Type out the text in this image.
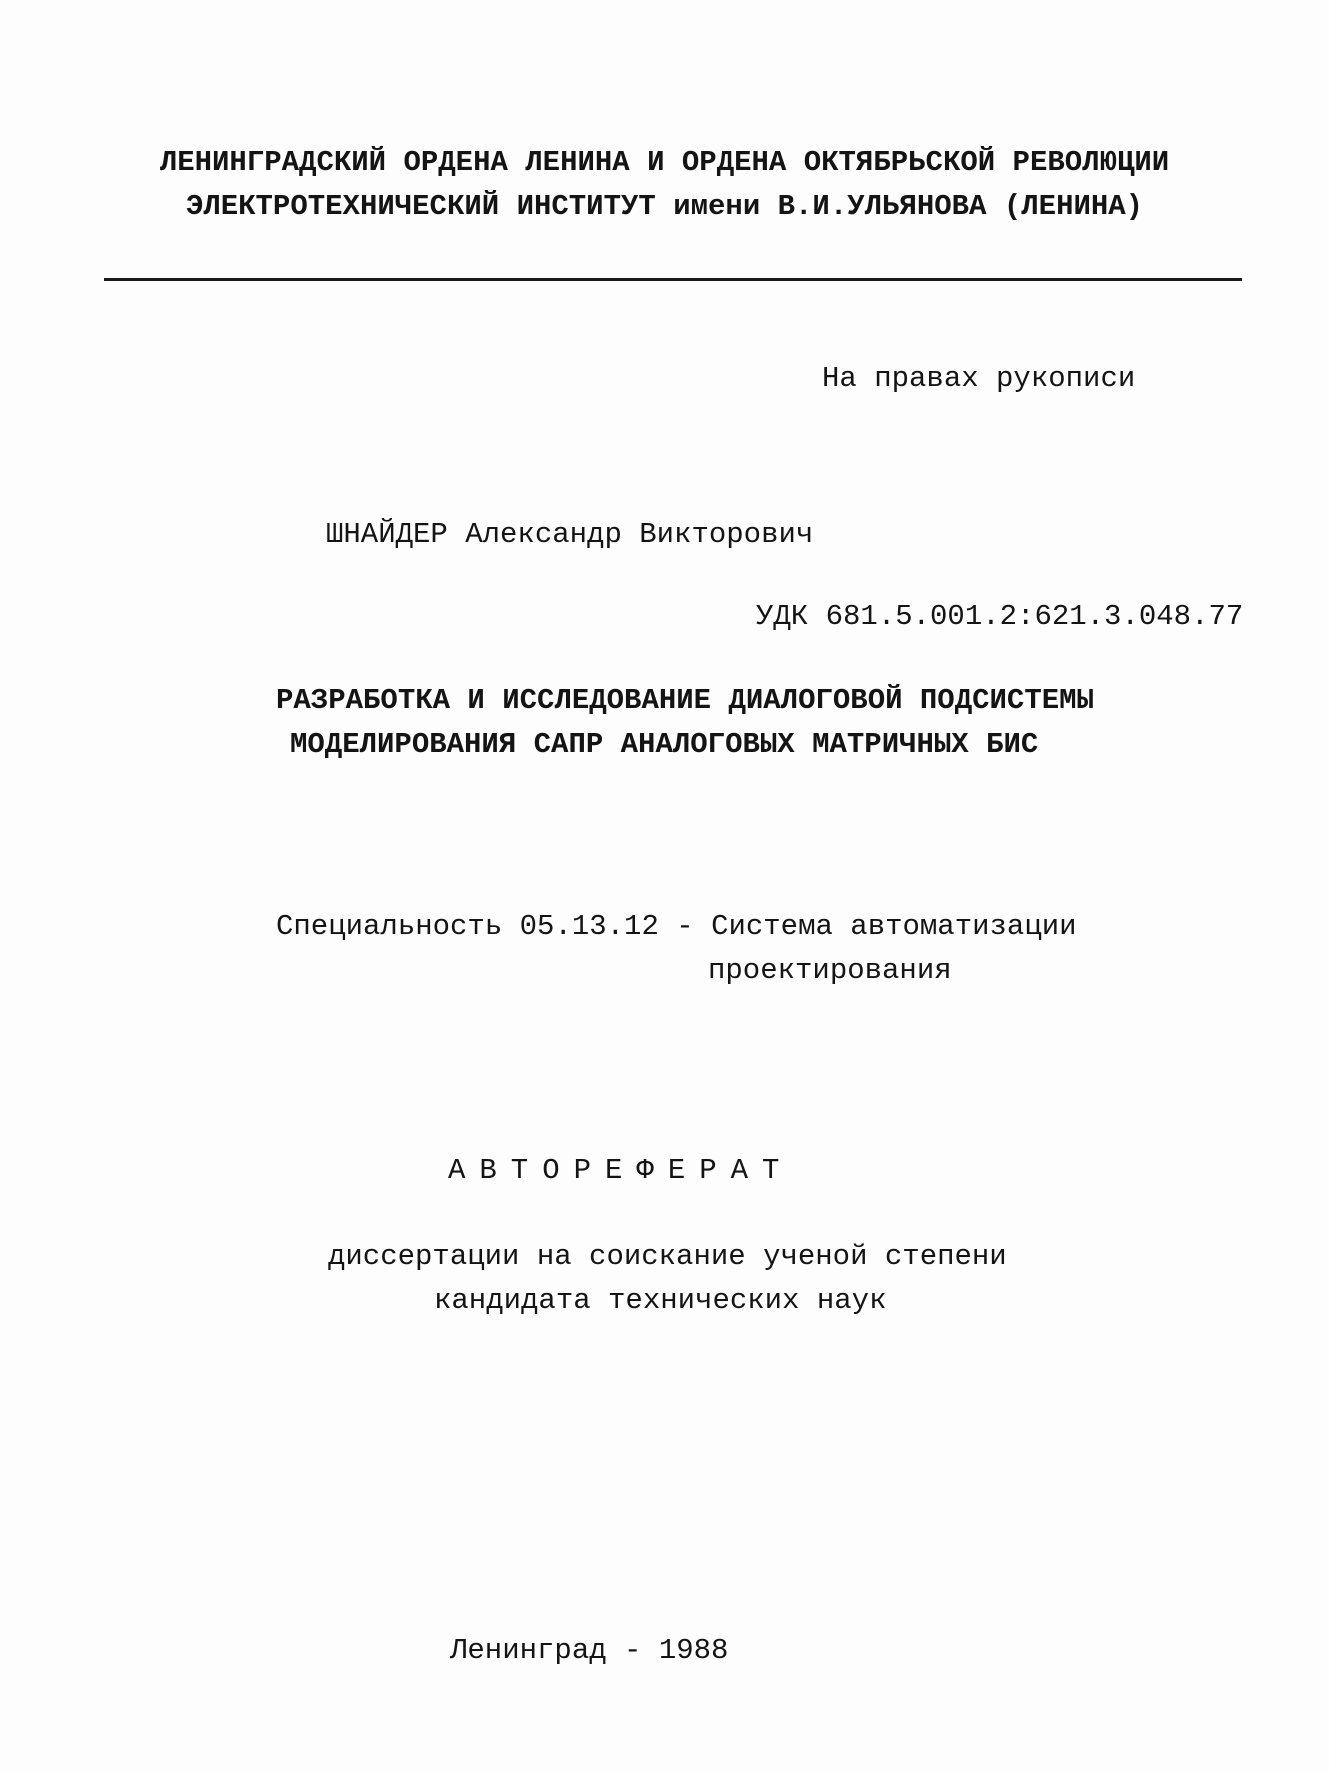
ЛЕНИНГРАДСКИЙ ОРДЕНА ЛЕНИНА И ОРДЕНА ОКТЯБРЬСКОЙ РЕВОЛЮЦИИ
ЭЛЕКТРОТЕХНИЧЕСКИЙ ИНСТИТУТ имени В.И.УЛЬЯНОВА (ЛЕНИНА)
На правах рукописи
ШНАЙДЕР Александр Викторович
УДК 681.5.001.2:621.3.048.77
РАЗРАБОТКА И ИССЛЕДОВАНИЕ ДИАЛОГОВОЙ ПОДСИСТЕМЫ
МОДЕЛИРОВАНИЯ САПР АНАЛОГОВЫХ МАТРИЧНЫХ БИС
Специальность 05.13.12 - Система автоматизации
проектирования
АВТОРЕФЕРАТ
диссертации на соискание ученой степени
кандидата технических наук
Ленинград - 1988
